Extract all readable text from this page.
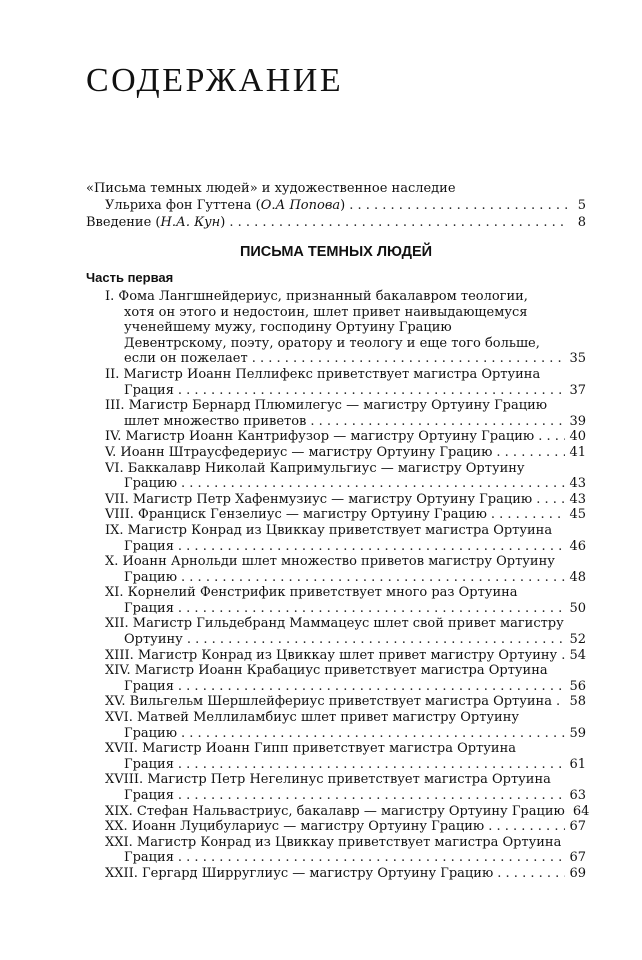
СОДЕРЖАНИЕ
«Письма темных людей» и художественное наследие
Ульриха фон Гуттена (О.А Попова) . . .	5
Введение (Н.А. Кун) . . .	8
ПИСЬМА ТЕМНЫХ ЛЮДЕЙ
Часть первая
I. Фома Лангшнейдериус, признанный бакалавром теологии,
хотя он этого и недостоин, шлет привет наивыдающемуся
ученейшему мужу, господину Ортуину Грацию
Девентрскому, поэту, оратору и теологу и еще того больше,
если он пожелает . . .	35
II. Магистр Иоанн Пеллифекс приветствует магистра Ортуина
Грация . . .	37
III. Магистр Бернард Плюмилегус — магистру Ортуину Грацию
шлет множество приветов . . .	39
IV. Магистр Иоанн Кантрифузор — магистру Ортуину Грацию . . .	40
V. Иоанн Штраусфедериус — магистру Ортуину Грацию . . .	41
VI. Баккалавр Николай Капримульгиус — магистру Ортуину
Грацию . . .	43
VII. Магистр Петр Хафенмузиус — магистру Ортуину Грацию . . .	43
VIII. Франциск Гензелиус — магистру Ортуину Грацию . . .	45
IX. Магистр Конрад из Цвиккау приветствует магистра Ортуина
Грация . . .	46
X. Иоанн Арнольди шлет множество приветов магистру Ортуину
Грацию . . .	48
XI. Корнелий Фенстрифик приветствует много раз Ортуина
Грация . . .	50
XII. Магистр Гильдебранд Маммацеус шлет свой привет магистру
Ортуину . . .	52
XIII. Магистр Конрад из Цвиккау шлет привет магистру Ортуину . . . 54
XIV. Магистр Иоанн Крабациус приветствует магистра Ортуина
Грация . . .	56
XV. Вильгельм Шершлейфериус приветствует магистра Ортуина . . . 58
XVI. Матвей Меллиламбиус шлет привет магистру Ортуину
Грацию . . .	59
XVII. Магистр Иоанн Гипп приветствует магистра Ортуина
Грация . . .	61
XVIII. Магистр Петр Негелинус приветствует магистра Ортуина
Грация . . .	63
XIX. Стефан Нальвастриус, бакалавр — магистру Ортуину Грацию 64
XX. Иоанн Луцибулариус — магистру Ортуину Грацию . . .	67
XXI. Магистр Конрад из Цвиккау приветствует магистра Ортуина
Грация . . .	67
XXII. Гергард Ширруглиус — магистру Ортуину Грацию . . .	69
